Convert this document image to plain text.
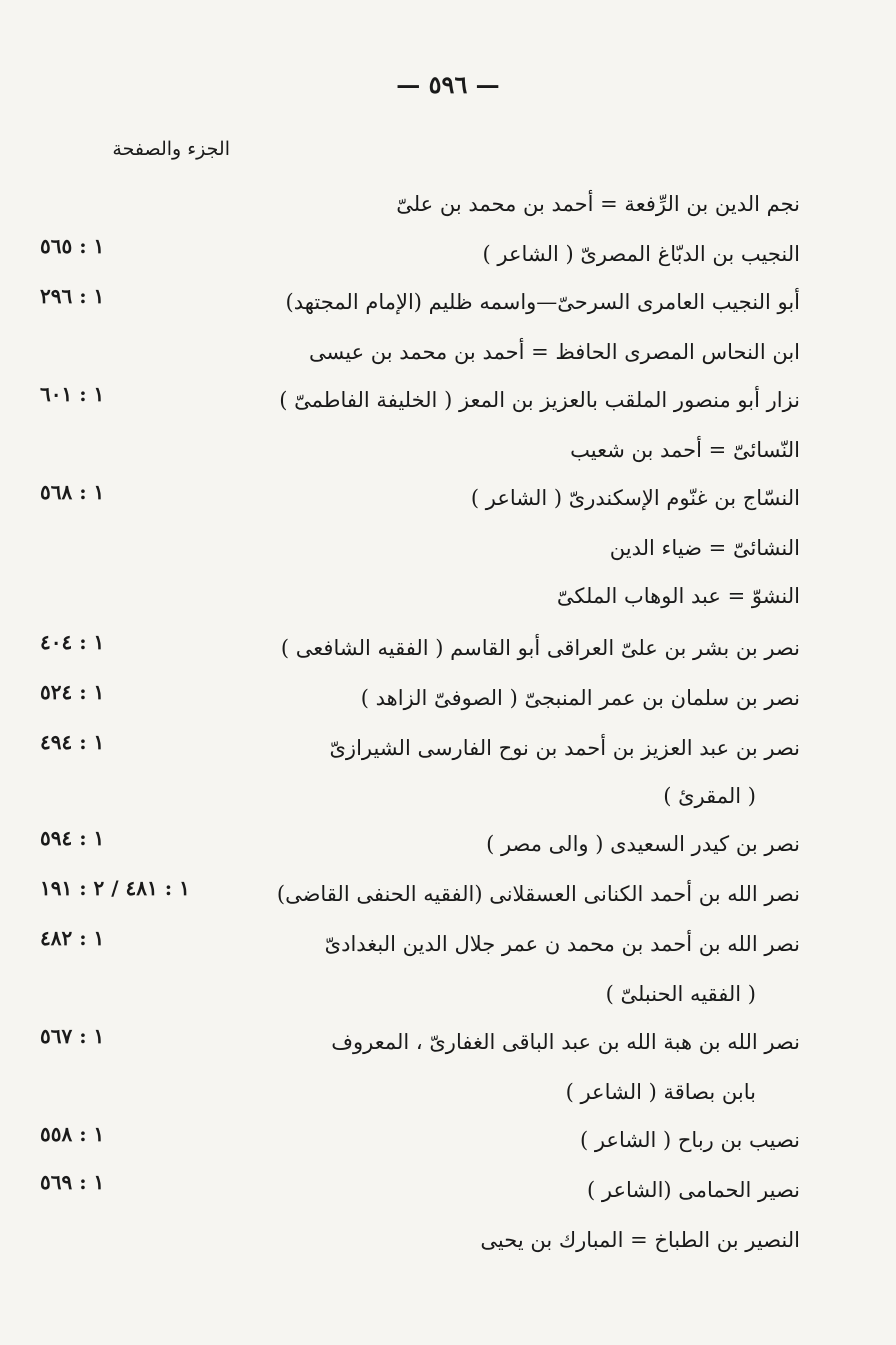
— ٥٩٦ —
الجزء والصفحة
نجم الدين بن الرِّفعة = أحمد بن محمد بن علىّ
النجيب بن الدبّاغ المصرىّ ( الشاعر )
١ : ٥٦٥
أبو النجيب العامرى السرحىّ—واسمه ظليم (الإمام المجتهد)
١ : ٢٩٦
ابن النحاس المصرى الحافظ = أحمد بن محمد بن عيسى
نزار أبو منصور الملقب بالعزيز بن المعز ( الخليفة الفاطمىّ )
١ : ٦٠١
النّسائىّ = أحمد بن شعيب
النسّاج بن غنّوم الإسكندرىّ ( الشاعر )
١ : ٥٦٨
النشائىّ = ضياء الدين
النشوّ = عبد الوهاب الملكىّ
نصر بن بشر بن علىّ العراقى أبو القاسم ( الفقيه الشافعى )
١ : ٤٠٤
نصر بن سلمان بن عمر المنبجىّ ( الصوفىّ الزاهد )
١ : ٥٢٤
نصر بن عبد العزيز بن أحمد بن نوح الفارسى الشيرازىّ
١ : ٤٩٤
( المقرئ )
نصر بن كيدر السعيدى ( والى مصر )
١ : ٥٩٤
نصر الله بن أحمد الكنانى العسقلانى (الفقيه الحنفى القاضى)
١ : ٤٨١ / ٢ : ١٩١
نصر الله بن أحمد بن محمد ن عمر جلال الدين البغدادىّ
١ : ٤٨٢
( الفقيه الحنبلىّ )
نصر الله بن هبة الله بن عبد الباقى الغفارىّ ، المعروف
١ : ٥٦٧
بابن بصاقة ( الشاعر )
نصيب بن رباح ( الشاعر )
١ : ٥٥٨
نصير الحمامى (الشاعر )
١ : ٥٦٩
النصير بن الطباخ = المبارك بن يحيى
